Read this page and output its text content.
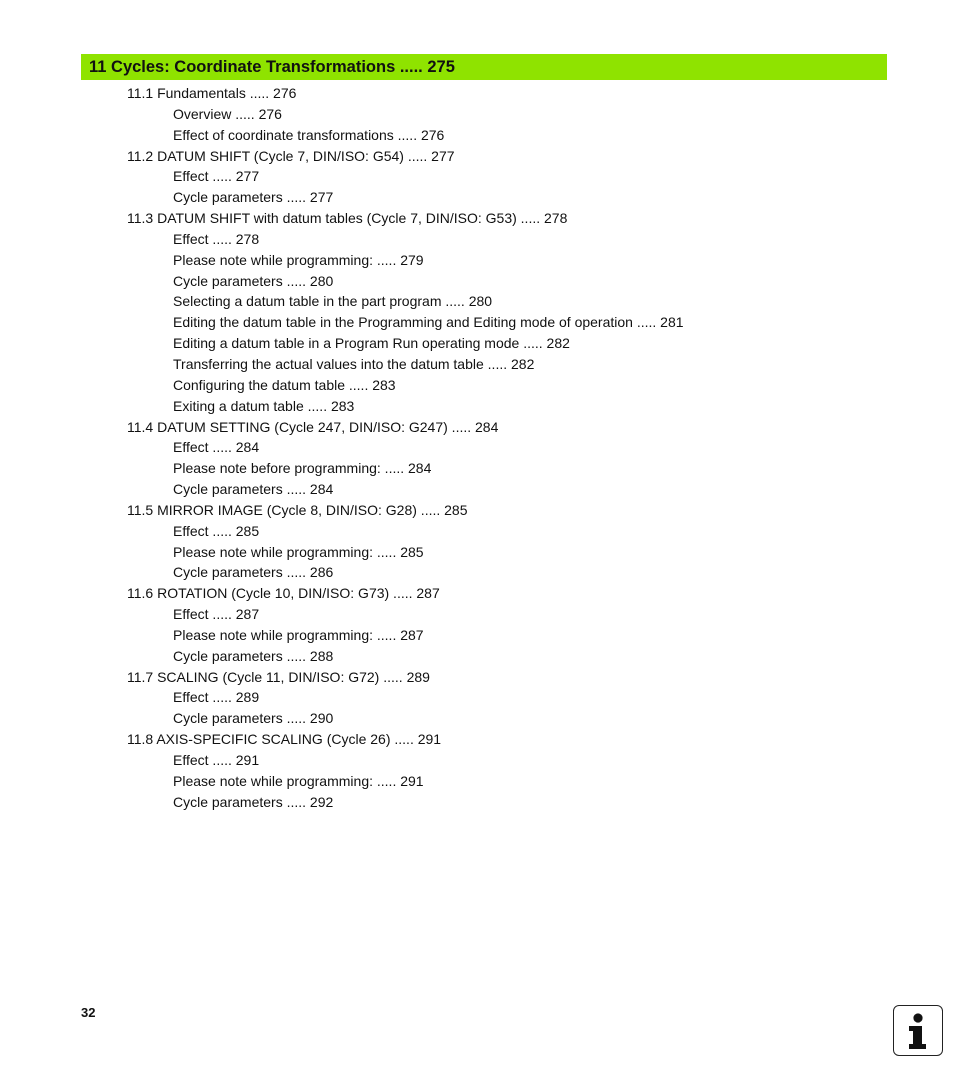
11 Cycles: Coordinate Transformations ..... 275
11.1 Fundamentals ..... 276
Overview ..... 276
Effect of coordinate transformations ..... 276
11.2 DATUM SHIFT (Cycle 7, DIN/ISO: G54) ..... 277
Effect ..... 277
Cycle parameters ..... 277
11.3 DATUM SHIFT with datum tables (Cycle 7, DIN/ISO: G53) ..... 278
Effect ..... 278
Please note while programming: ..... 279
Cycle parameters ..... 280
Selecting a datum table in the part program ..... 280
Editing the datum table in the Programming and Editing mode of operation ..... 281
Editing a datum table in a Program Run operating mode ..... 282
Transferring the actual values into the datum table ..... 282
Configuring the datum table ..... 283
Exiting a datum table ..... 283
11.4 DATUM SETTING (Cycle 247, DIN/ISO: G247) ..... 284
Effect ..... 284
Please note before programming: ..... 284
Cycle parameters ..... 284
11.5 MIRROR IMAGE (Cycle 8, DIN/ISO: G28) ..... 285
Effect ..... 285
Please note while programming: ..... 285
Cycle parameters ..... 286
11.6 ROTATION (Cycle 10, DIN/ISO: G73) ..... 287
Effect ..... 287
Please note while programming: ..... 287
Cycle parameters ..... 288
11.7 SCALING (Cycle 11, DIN/ISO: G72) ..... 289
Effect ..... 289
Cycle parameters ..... 290
11.8 AXIS-SPECIFIC SCALING (Cycle 26) ..... 291
Effect ..... 291
Please note while programming: ..... 291
Cycle parameters ..... 292
32
